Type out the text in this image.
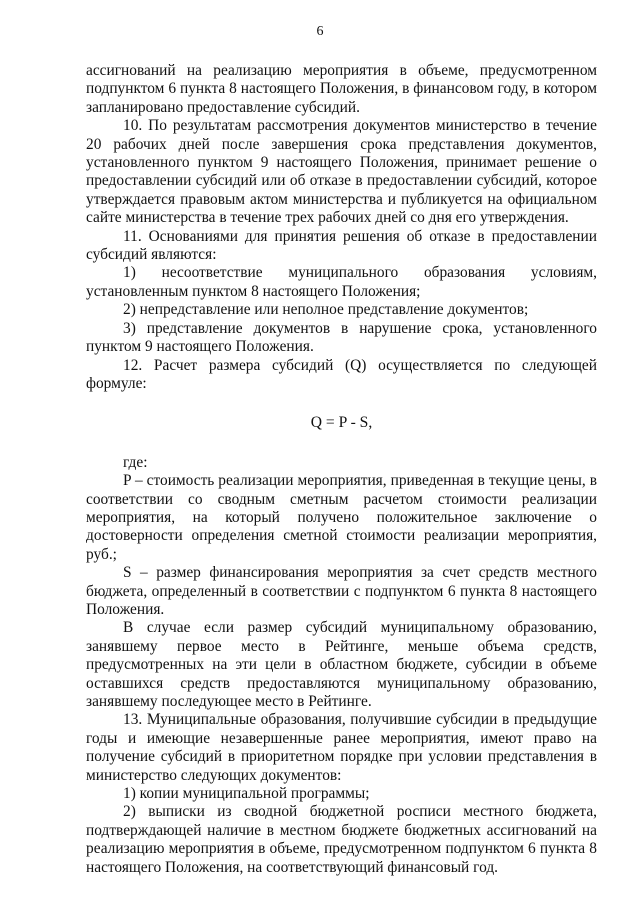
6

ассигнований на реализацию мероприятия в объеме, предусмотренном подпунктом 6 пункта 8 настоящего Положения, в финансовом году, в котором запланировано предоставление субсидий.

10. По результатам рассмотрения документов министерство в течение 20 рабочих дней после завершения срока представления документов, установленного пунктом 9 настоящего Положения, принимает решение о предоставлении субсидий или об отказе в предоставлении субсидий, которое утверждается правовым актом министерства и публикуется на официальном сайте министерства в течение трех рабочих дней со дня его утверждения.

11. Основаниями для принятия решения об отказе в предоставлении субсидий являются:

1) несоответствие муниципального образования условиям, установленным пунктом 8 настоящего Положения;

2) непредставление или неполное представление документов;

3) представление документов в нарушение срока, установленного пунктом 9 настоящего Положения.

12. Расчет размера субсидий (Q) осуществляется по следующей формуле:

Q = P - S,

где:

P – стоимость реализации мероприятия, приведенная в текущие цены, в соответствии со сводным сметным расчетом стоимости реализации мероприятия, на который получено положительное заключение о достоверности определения сметной стоимости реализации мероприятия, руб.;

S – размер финансирования мероприятия за счет средств местного бюджета, определенный в соответствии с подпунктом 6 пункта 8 настоящего Положения.

В случае если размер субсидий муниципальному образованию, занявшему первое место в Рейтинге, меньше объема средств, предусмотренных на эти цели в областном бюджете, субсидии в объеме оставшихся средств предоставляются муниципальному образованию, занявшему последующее место в Рейтинге.

13. Муниципальные образования, получившие субсидии в предыдущие годы и имеющие незавершенные ранее мероприятия, имеют право на получение субсидий в приоритетном порядке при условии представления в министерство следующих документов:

1) копии муниципальной программы;

2) выписки из сводной бюджетной росписи местного бюджета, подтверждающей наличие в местном бюджете бюджетных ассигнований на реализацию мероприятия в объеме, предусмотренном подпунктом 6 пункта 8 настоящего Положения, на соответствующий финансовый год.
